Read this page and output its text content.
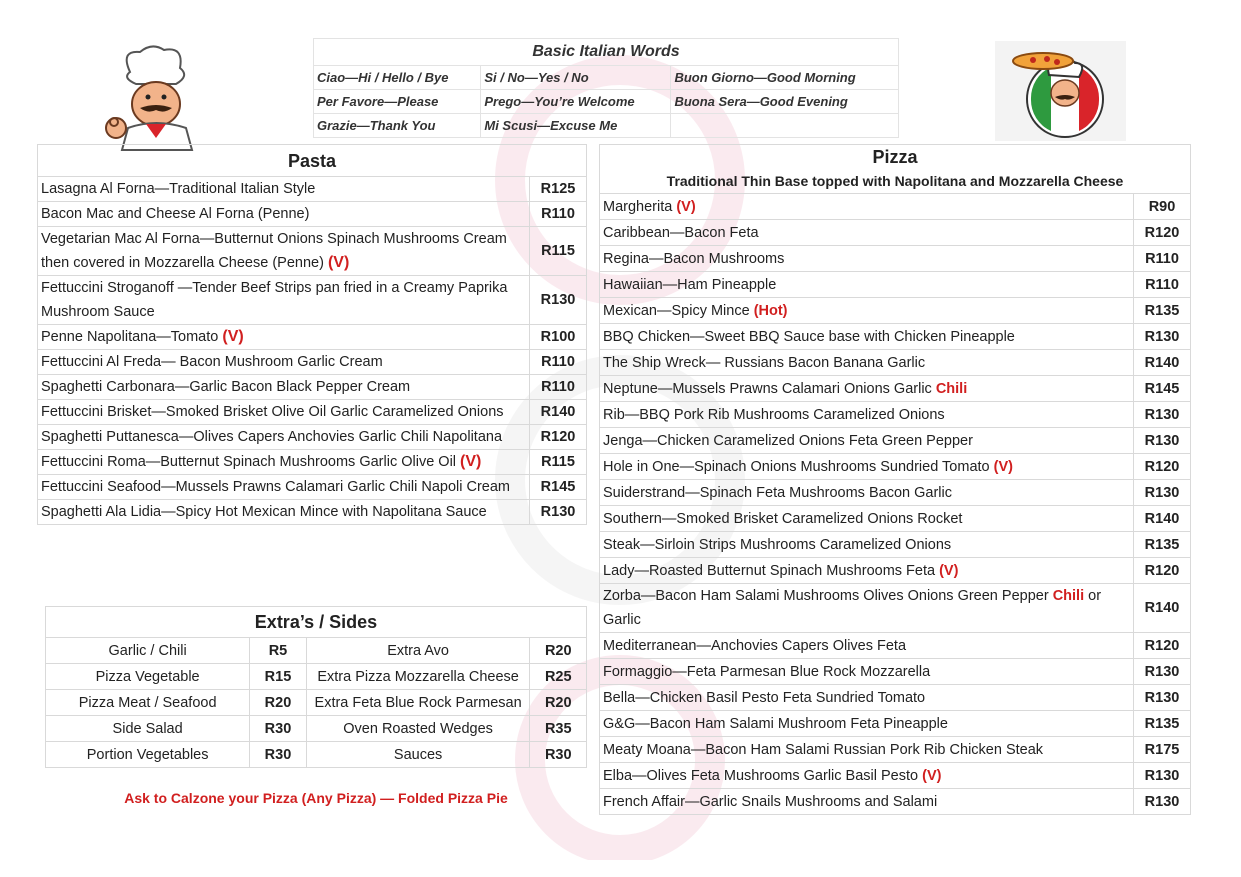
Basic Italian Words		
Ciao—Hi / Hello / Bye	Si / No—Yes / No	Buon Giorno—Good Morning
Per Favore—Please	Prego—You’re Welcome	Buona Sera—Good Evening
Grazie—Thank You	Mi Scusi—Excuse Me	
Pasta	
Lasagna Al Forna—Traditional Italian Style	R125
Bacon Mac and Cheese Al Forna (Penne)	R110
Vegetarian Mac Al Forna—Butternut Onions Spinach Mushrooms Cream then covered in Mozzarella Cheese (Penne) (V)	R115
Fettuccini Stroganoff —Tender Beef Strips pan fried in a Creamy Paprika Mushroom Sauce	R130
Penne Napolitana—Tomato (V)	R100
Fettuccini Al Freda— Bacon Mushroom Garlic Cream	R110
Spaghetti Carbonara—Garlic Bacon Black Pepper Cream	R110
Fettuccini Brisket—Smoked Brisket Olive Oil Garlic Caramelized Onions	R140
Spaghetti Puttanesca—Olives Capers Anchovies Garlic Chili Napolitana	R120
Fettuccini Roma—Butternut Spinach Mushrooms Garlic Olive Oil (V)	R115
Fettuccini Seafood—Mussels Prawns Calamari Garlic Chili Napoli Cream	R145
Spaghetti Ala Lidia—Spicy Hot Mexican Mince with Napolitana Sauce	R130
Extra’s / Sides			
Garlic / Chili	R5	Extra Avo	R20
Pizza Vegetable	R15	Extra Pizza Mozzarella Cheese	R25
Pizza Meat / Seafood	R20	Extra Feta Blue Rock Parmesan	R20
Side Salad	R30	Oven Roasted Wedges	R35
Portion Vegetables	R30	Sauces	R30
Ask to Calzone your Pizza (Any Pizza) — Folded Pizza Pie
Pizza	
Traditional Thin Base topped with Napolitana and Mozzarella Cheese	
Margherita (V)	R90
Caribbean—Bacon Feta	R120
Regina—Bacon Mushrooms	R110
Hawaiian—Ham Pineapple	R110
Mexican—Spicy Mince (Hot)	R135
BBQ Chicken—Sweet BBQ Sauce base with Chicken Pineapple	R130
The Ship Wreck— Russians Bacon Banana Garlic	R140
Neptune—Mussels Prawns Calamari Onions Garlic Chili	R145
Rib—BBQ Pork Rib Mushrooms Caramelized Onions	R130
Jenga—Chicken Caramelized Onions Feta Green Pepper	R130
Hole in One—Spinach Onions Mushrooms Sundried Tomato (V)	R120
Suiderstrand—Spinach Feta Mushrooms Bacon Garlic	R130
Southern—Smoked Brisket Caramelized Onions Rocket	R140
Steak—Sirloin Strips Mushrooms Caramelized Onions	R135
Lady—Roasted Butternut Spinach Mushrooms Feta (V)	R120
Zorba—Bacon Ham Salami Mushrooms Olives Onions Green Pepper Chili or Garlic	R140
Mediterranean—Anchovies Capers Olives Feta	R120
Formaggio—Feta Parmesan Blue Rock Mozzarella	R130
Bella—Chicken Basil Pesto Feta Sundried Tomato	R130
G&G—Bacon Ham Salami Mushroom Feta Pineapple	R135
Meaty Moana—Bacon Ham Salami Russian Pork Rib Chicken Steak	R175
Elba—Olives Feta Mushrooms Garlic Basil Pesto (V)	R130
French Affair—Garlic Snails Mushrooms and Salami	R130
